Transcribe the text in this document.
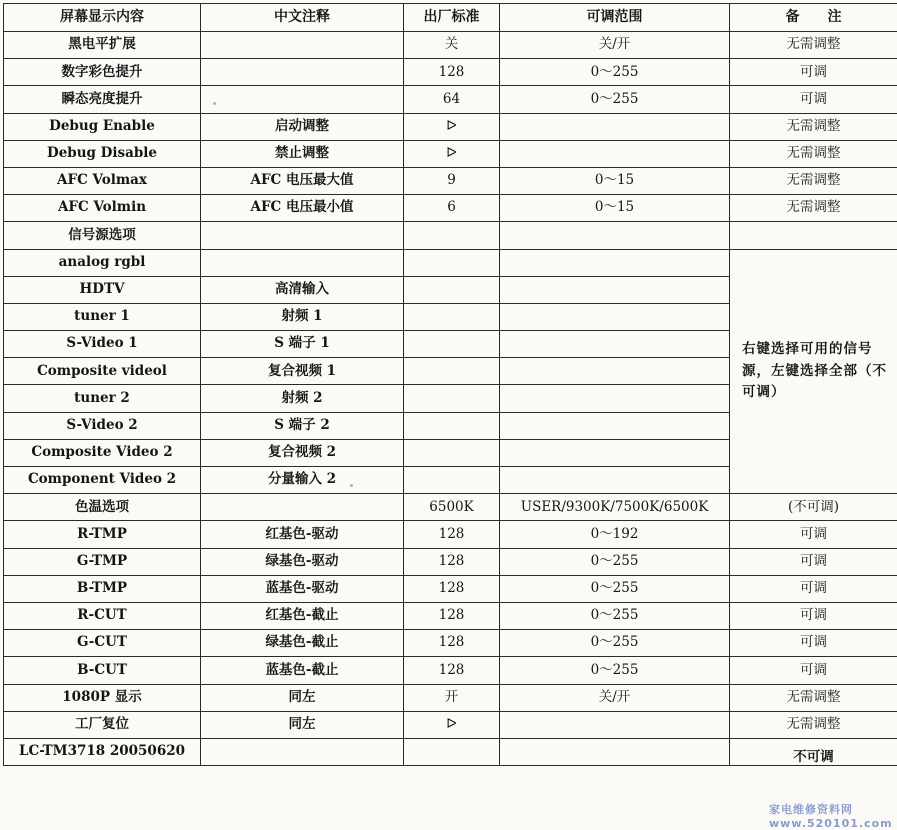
屏幕显示内容	中文注释	出厂标准	可调范围	备　　注
黑电平扩展		关	关/开	无需调整
数字彩色提升		128	0～255	可调
瞬态亮度提升		64	0～255	可调
Debug Enable	启动调整	ᐅ		无需调整
Debug Disable	禁止调整	ᐅ		无需调整
AFC Volmax	AFC 电压最大值	9	0～15	无需调整
AFC Volmin	AFC 电压最小值	6	0～15	无需调整
信号源选项				
analog rgbl				右键选择可用的信号源，左键选择全部（不可调）
HDTV	高清输入			
tuner 1	射频 1			
S-Video 1	S 端子 1			
Composite videol	复合视频 1			
tuner 2	射频 2			
S-Video 2	S 端子 2			
Composite Video 2	复合视频 2			
Component Video 2	分量输入 2			
色温选项		6500K	USER/9300K/7500K/6500K	(不可调)
R-TMP	红基色-驱动	128	0～192	可调
G-TMP	绿基色-驱动	128	0～255	可调
B-TMP	蓝基色-驱动	128	0～255	可调
R-CUT	红基色-截止	128	0～255	可调
G-CUT	绿基色-截止	128	0～255	可调
B-CUT	蓝基色-截止	128	0～255	可调
1080P 显示	同左	开	关/开	无需调整
工厂复位	同左	ᐅ		无需调整
LC-TM3718 20050620				不可调
家电维修资料网 www.520101.com
